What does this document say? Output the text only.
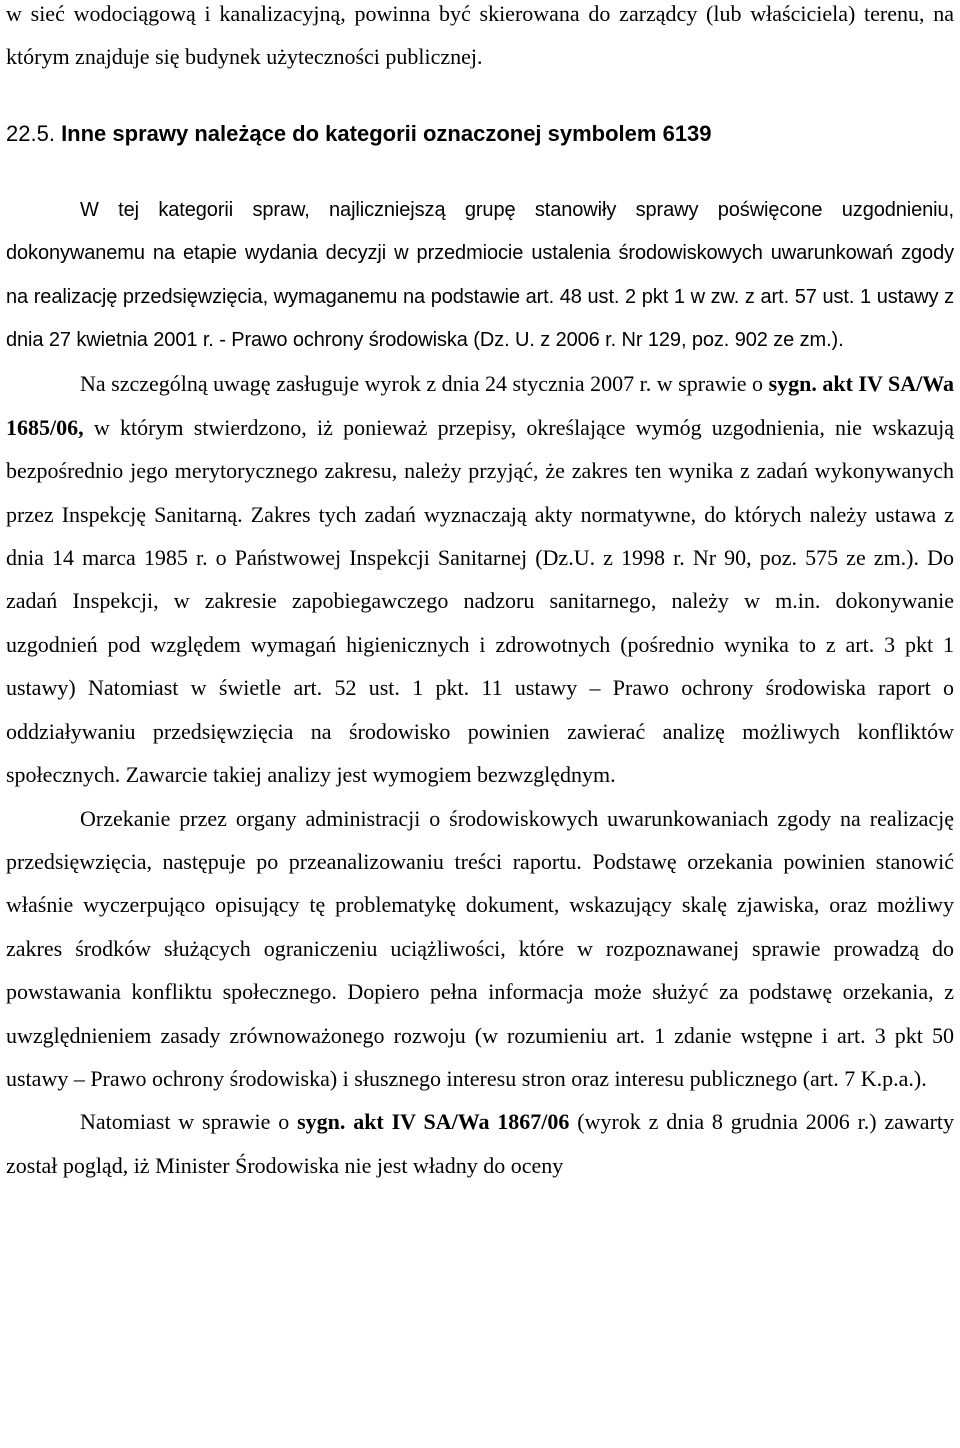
w sieć wodociągową i kanalizacyjną, powinna być skierowana do zarządcy (lub właściciela) terenu, na którym znajduje się budynek użyteczności publicznej.

22.5. Inne sprawy należące do kategorii oznaczonej symbolem 6139

W tej kategorii spraw, najliczniejszą grupę stanowiły sprawy poświęcone uzgodnieniu, dokonywanemu na etapie wydania decyzji w przedmiocie ustalenia środowiskowych uwarunkowań zgody na realizację przedsięwzięcia, wymaganemu na podstawie art. 48 ust. 2 pkt 1 w zw. z art. 57 ust. 1 ustawy z dnia 27 kwietnia 2001 r. - Prawo ochrony środowiska (Dz. U. z 2006 r. Nr 129, poz. 902 ze zm.).

Na szczególną uwagę zasługuje wyrok z dnia 24 stycznia 2007 r. w sprawie o sygn. akt IV SA/Wa 1685/06, w którym stwierdzono, iż ponieważ przepisy, określające wymóg uzgodnienia, nie wskazują bezpośrednio jego merytorycznego zakresu, należy przyjąć, że zakres ten wynika z zadań wykonywanych przez Inspekcję Sanitarną. Zakres tych zadań wyznaczają akty normatywne, do których należy ustawa z dnia 14 marca 1985 r. o Państwowej Inspekcji Sanitarnej (Dz.U. z 1998 r. Nr 90, poz. 575 ze zm.). Do zadań Inspekcji, w zakresie zapobiegawczego nadzoru sanitarnego, należy w m.in. dokonywanie uzgodnień pod względem wymagań higienicznych i zdrowotnych (pośrednio wynika to z art. 3 pkt 1 ustawy) Natomiast w świetle art. 52 ust. 1 pkt. 11 ustawy – Prawo ochrony środowiska raport o oddziaływaniu przedsięwzięcia na środowisko powinien zawierać analizę możliwych konfliktów społecznych. Zawarcie takiej analizy jest wymogiem bezwzględnym.

Orzekanie przez organy administracji o środowiskowych uwarunkowaniach zgody na realizację przedsięwzięcia, następuje po przeanalizowaniu treści raportu. Podstawę orzekania powinien stanowić właśnie wyczerpująco opisujący tę problematykę dokument, wskazujący skalę zjawiska, oraz możliwy zakres środków służących ograniczeniu uciążliwości, które w rozpoznawanej sprawie prowadzą do powstawania konfliktu społecznego. Dopiero pełna informacja może służyć za podstawę orzekania, z uwzględnieniem zasady zrównoważonego rozwoju (w rozumieniu art. 1 zdanie wstępne i art. 3 pkt 50 ustawy – Prawo ochrony środowiska) i słusznego interesu stron oraz interesu publicznego (art. 7 K.p.a.).

Natomiast w sprawie o sygn. akt IV SA/Wa 1867/06 (wyrok z dnia 8 grudnia 2006 r.) zawarty został pogląd, iż Minister Środowiska nie jest władny do oceny
